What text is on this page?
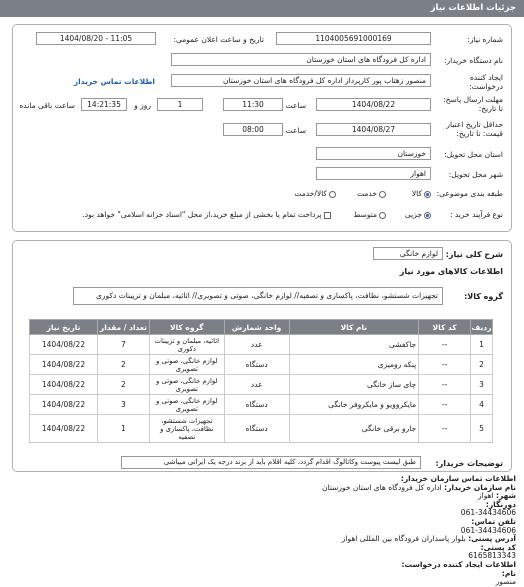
جزئیات اطلاعات نیاز
شماره نیاز:
1104005691000169
تاریخ و ساعت اعلان عمومی:
1404/08/20 - 11:05
نام دستگاه خریدار:
اداره کل فرودگاه های استان خوزستان
ایجاد کننده درخواست:
منصور زهتاب پور کارپرداز اداره کل فرودگاه های استان خوزستان
اطلاعات تماس خریدار
مهلت ارسال پاسخ: تا تاریخ:
1404/08/22
ساعت
11:30
1
روز و
14:21:35
ساعت باقی مانده
حداقل تاریخ اعتبار قیمت: تا تاریخ:
1404/08/27
ساعت
08:00
استان محل تحویل:
خوزستان
شهر محل تحویل:
اهواز
طبقه بندی موضوعی:
کالا
خدمت
کالا/خدمت
نوع فرآیند خرید :
جزیی
متوسط
پرداخت تمام یا بخشی از مبلغ خرید،از محل "اسناد خزانه اسلامی" خواهد بود.
شرح کلی نیاز:
لوازم خانگی
اطلاعات کالاهای مورد نیاز
گروه کالا:
تجهیزات شستشو، نظافت، پاکسازی و تصفیه// لوازم خانگی، صوتی و تصویری// اثاثیه، مبلمان و تزیینات دکوری
ردیف	کد کالا	نام کالا	واحد شمارش	گروه کالا	تعداد / مقدار	تاریخ نیاز
1	--	جاکفشی	عدد	اثاثیه، مبلمان و تزیینات دکوری	7	1404/08/22
2	--	پنکه رومیزی	دستگاه	لوازم خانگی، صوتی و تصویری	2	1404/08/22
3	--	چای ساز خانگی	عدد	لوازم خانگی، صوتی و تصویری	2	1404/08/22
4	--	مایکروویو و مایکروفر خانگی	دستگاه	لوازم خانگی، صوتی و تصویری	3	1404/08/22
5	--	جارو برقی خانگی	دستگاه	تجهیزات شستشو، نظافت، پاکسازی و تصفیه	1	1404/08/22
توضیحات خریدار:
طبق لیست پیوست وکاتالوگ اقدام گردد، کلیه اقلام باید از برند درجه یک ایرانی میباشی
اطلاعات تماس سازمان خریدار:
نام سازمان خریدار: اداره کل فرودگاه های استان خوزستان
شهر: اهواز
دورنگار:
061-34434606
تلفن تماس:
061-34434606
آدرس پستی: بلوار پاسداران فرودگاه بین المللی اهواز
کد پستی:
6165813343
اطلاعات ایجاد کننده درخواست:
نام:
منصور
